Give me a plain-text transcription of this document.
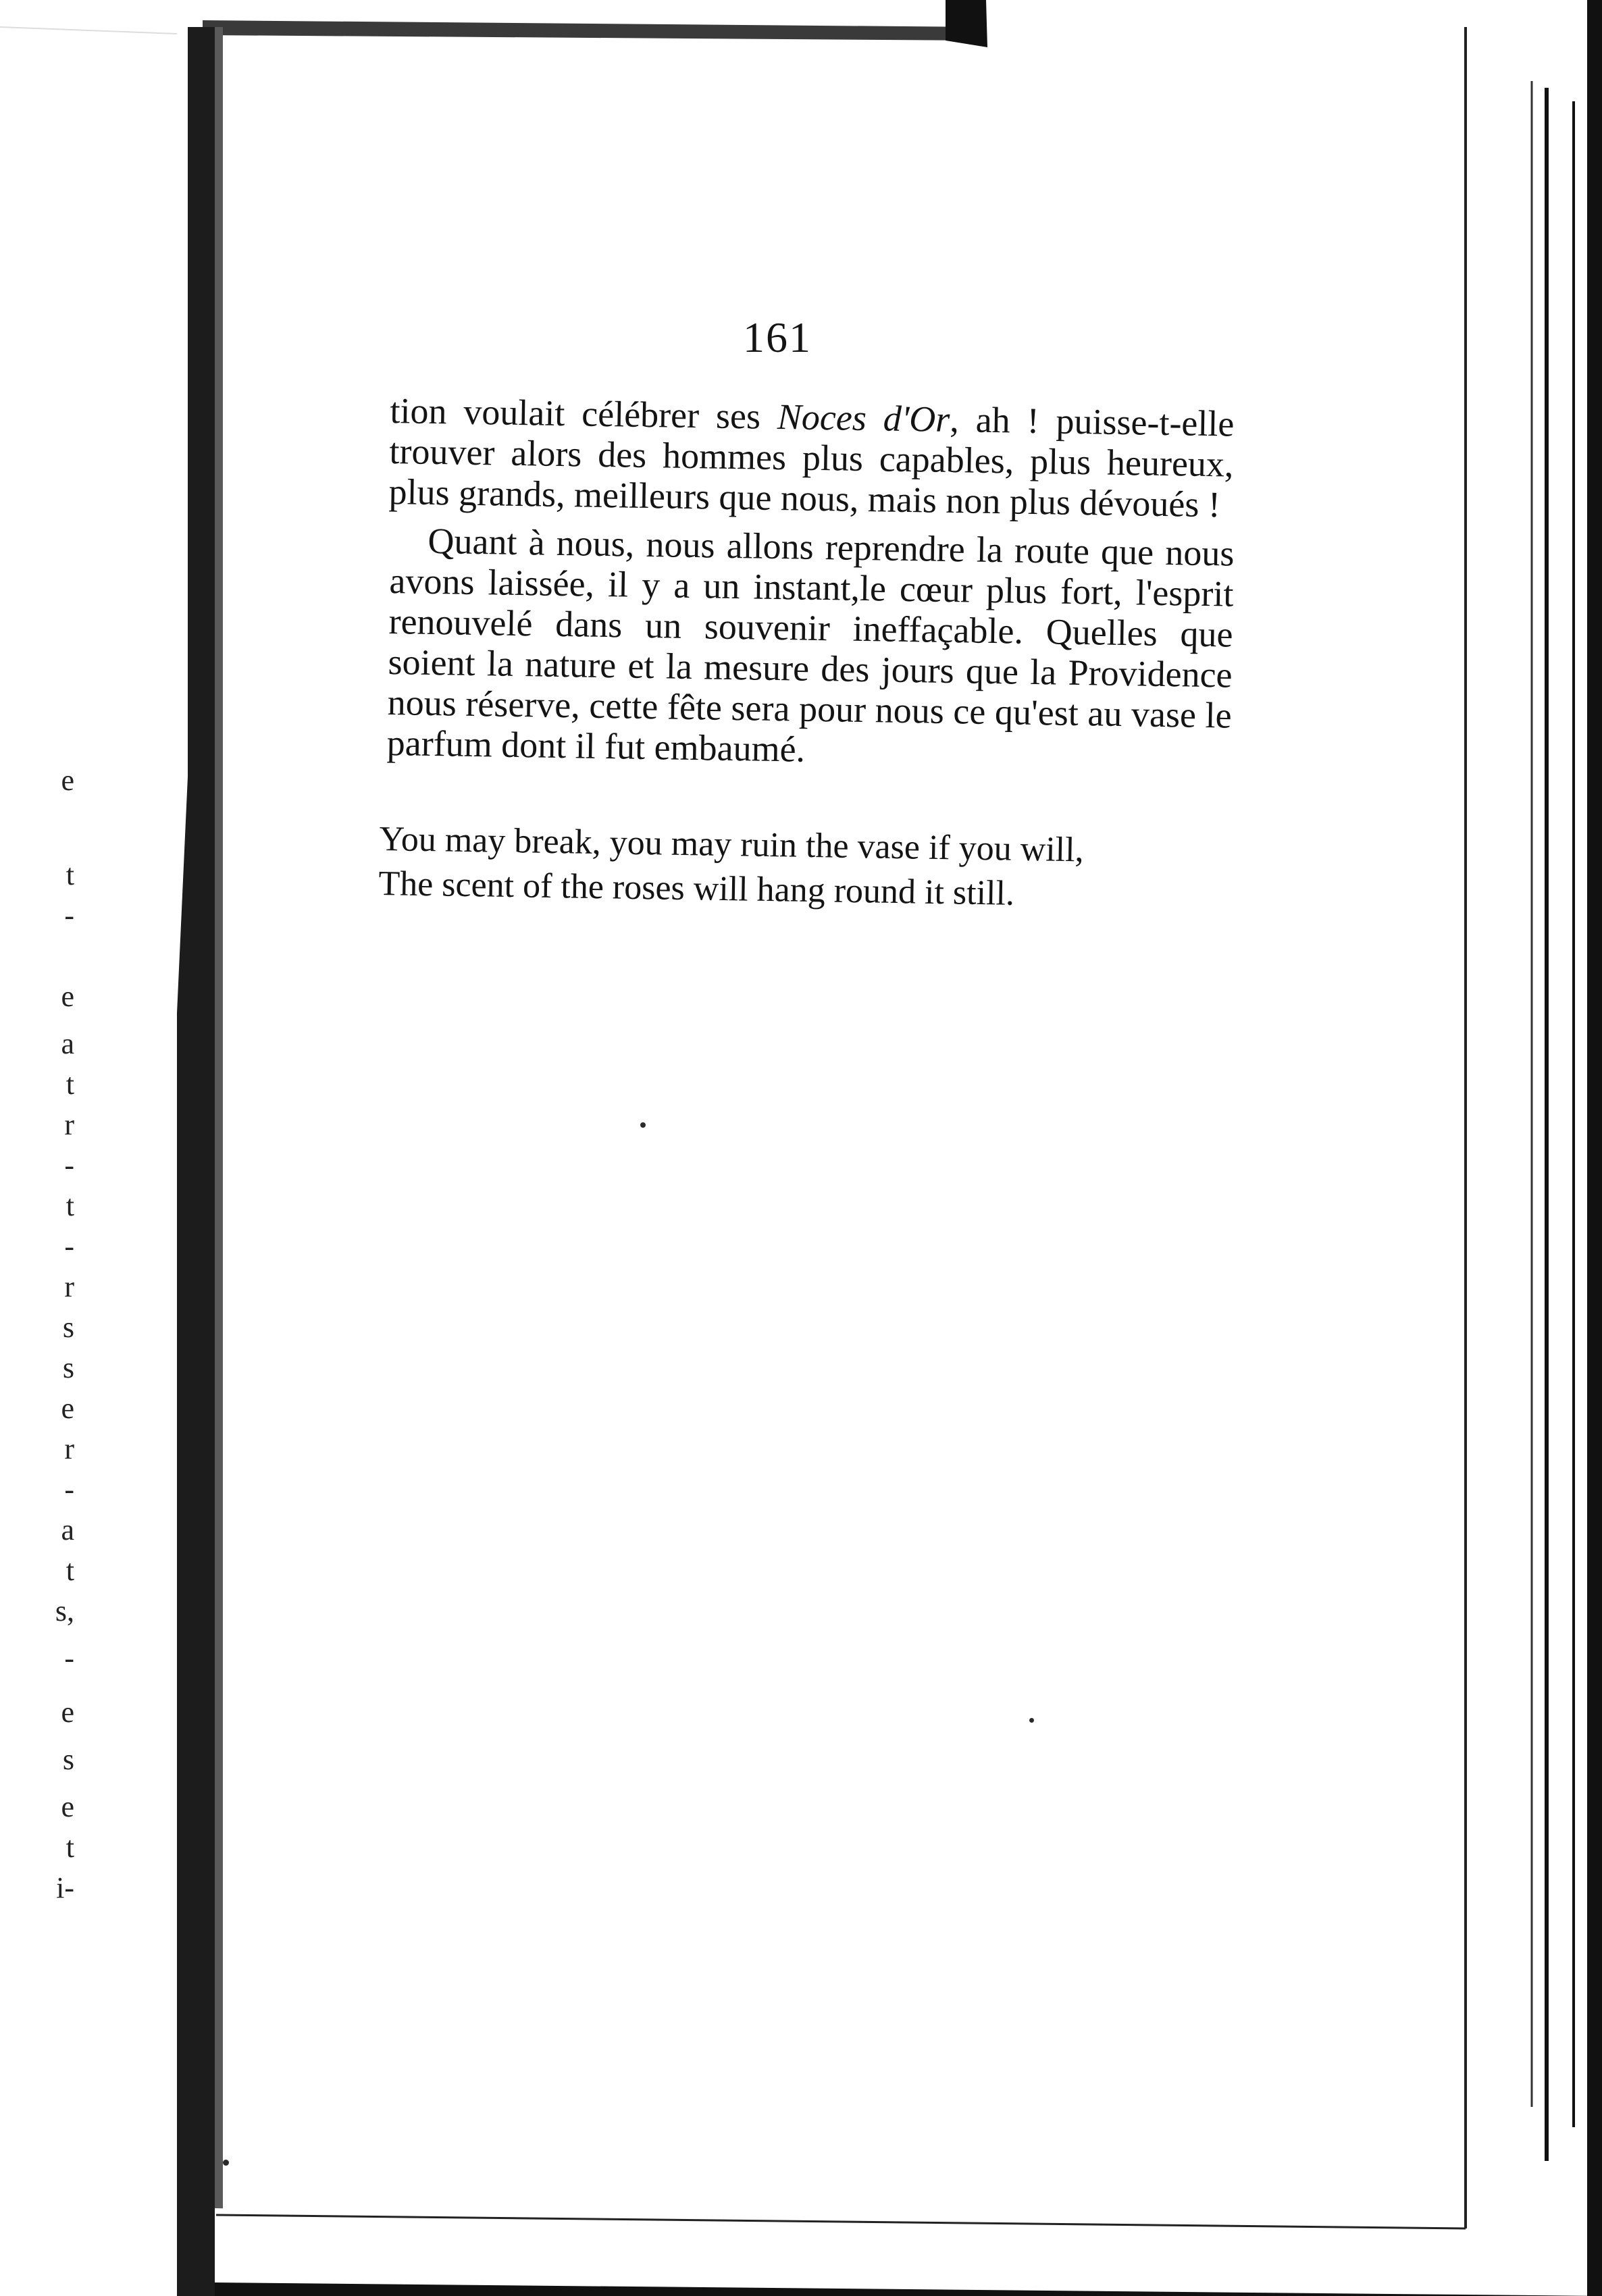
e
t
-
e
a
t
r
-
t
-
r
s
s
e
r
-
a
t
s,
-
e
s
e
t
i-
161

tion voulait célébrer ses Noces d'Or, ah ! puisse-t-elle trouver alors des hommes plus capables, plus heureux, plus grands, meilleurs que nous, mais non plus dévoués !

Quant à nous, nous allons reprendre la route que nous avons laissée, il y a un instant,le cœur plus fort, l'esprit renouvelé dans un souvenir ineffaçable. Quelles que soient la nature et la mesure des jours que la Providence nous réserve, cette fête sera pour nous ce qu'est au vase le parfum dont il fut embaumé.

You may break, you may ruin the vase if you will,
The scent of the roses will hang round it still.
